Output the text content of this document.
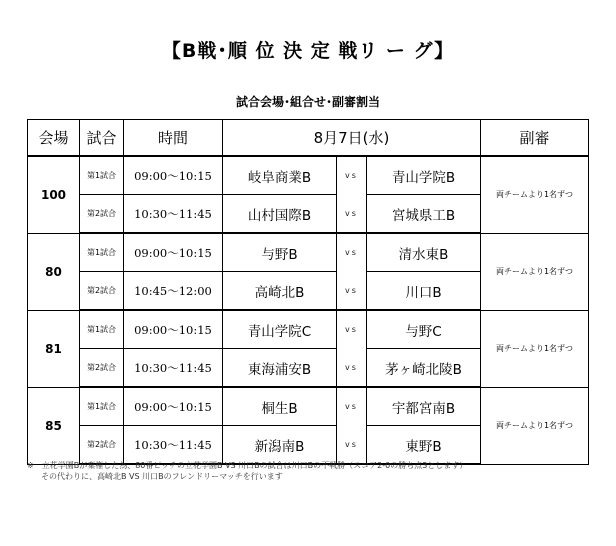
【B戦･順 位 決 定 戦リ ー グ】
試合会場･組合せ･副審割当
会場	試合	時間	8月7日(水)			副審
100	第1試合	09:00～10:15	岐阜商業B	vs	青山学院B	両チームより1名ずつ
	第2試合	10:30～11:45	山村国際B	vs	宮城県工B	
80	第1試合	09:00～10:15	与野B	vs	清水東B	両チームより1名ずつ
	第2試合	10:45～12:00	高崎北B	vs	川口B	
81	第1試合	09:00～10:15	青山学院C	vs	与野C	両チームより1名ずつ
	第2試合	10:30～11:45	東海浦安B	vs	茅ヶ崎北陵B	
85	第1試合	09:00～10:15	桐生B	vs	宇都宮南B	両チームより1名ずつ
	第2試合	10:30～11:45	新潟南B	vs	東野B	
※　立花学園Bが棄権した為、80番ピッチの立花学園B VS 川口Bの試合は川口Bの不戦勝（スコア2-0の勝ち点3とします）
その代わりに、高崎北B VS 川口Bのフレンドリーマッチを行います
